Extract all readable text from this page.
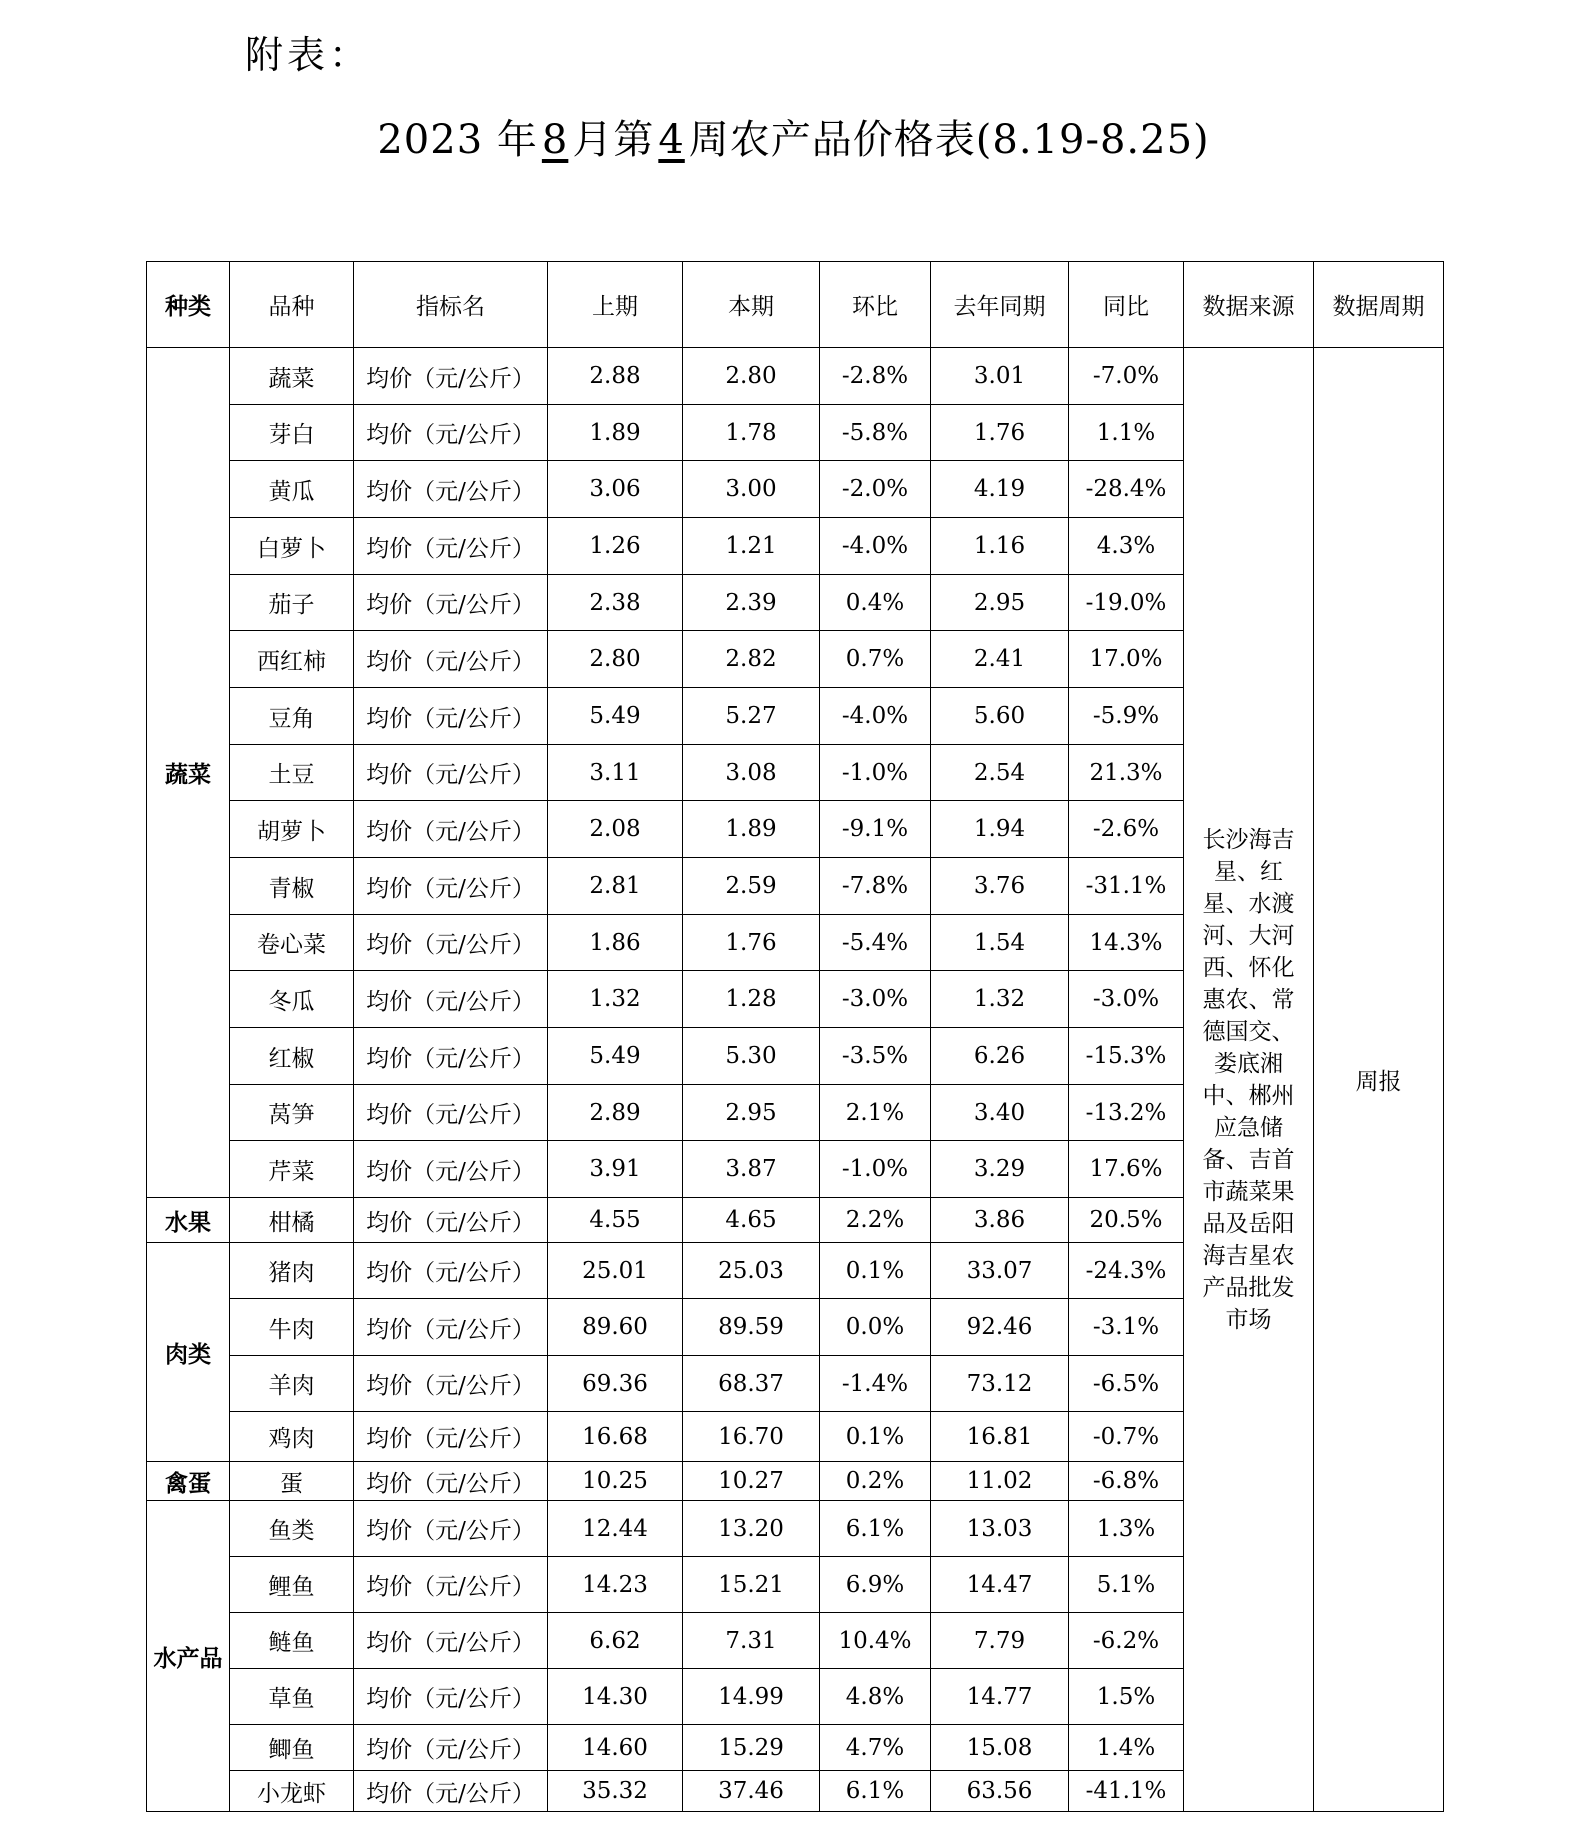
附表：
2023 年 8 月第 4 周农产品价格表(8.19-8.25)
种类	品种	指标名	上期	本期	环比	去年同期	同比	数据来源	数据周期
蔬菜	蔬菜	均价（元/公斤）	2.88	2.80	-2.8%	3.01	-7.0%	长沙海吉星、红星、水渡河、大河西、怀化惠农、常德国交、娄底湘中、郴州应急储备、吉首市蔬菜果品及岳阳海吉星农产品批发市场	周报
	芽白	均价（元/公斤）	1.89	1.78	-5.8%	1.76	1.1%		
	黄瓜	均价（元/公斤）	3.06	3.00	-2.0%	4.19	-28.4%		
	白萝卜	均价（元/公斤）	1.26	1.21	-4.0%	1.16	4.3%		
	茄子	均价（元/公斤）	2.38	2.39	0.4%	2.95	-19.0%		
	西红柿	均价（元/公斤）	2.80	2.82	0.7%	2.41	17.0%		
	豆角	均价（元/公斤）	5.49	5.27	-4.0%	5.60	-5.9%		
	土豆	均价（元/公斤）	3.11	3.08	-1.0%	2.54	21.3%		
	胡萝卜	均价（元/公斤）	2.08	1.89	-9.1%	1.94	-2.6%		
	青椒	均价（元/公斤）	2.81	2.59	-7.8%	3.76	-31.1%		
	卷心菜	均价（元/公斤）	1.86	1.76	-5.4%	1.54	14.3%		
	冬瓜	均价（元/公斤）	1.32	1.28	-3.0%	1.32	-3.0%		
	红椒	均价（元/公斤）	5.49	5.30	-3.5%	6.26	-15.3%		
	莴笋	均价（元/公斤）	2.89	2.95	2.1%	3.40	-13.2%		
	芹菜	均价（元/公斤）	3.91	3.87	-1.0%	3.29	17.6%		
水果	柑橘	均价（元/公斤）	4.55	4.65	2.2%	3.86	20.5%		
肉类	猪肉	均价（元/公斤）	25.01	25.03	0.1%	33.07	-24.3%		
	牛肉	均价（元/公斤）	89.60	89.59	0.0%	92.46	-3.1%		
	羊肉	均价（元/公斤）	69.36	68.37	-1.4%	73.12	-6.5%		
	鸡肉	均价（元/公斤）	16.68	16.70	0.1%	16.81	-0.7%		
禽蛋	蛋	均价（元/公斤）	10.25	10.27	0.2%	11.02	-6.8%		
水产品	鱼类	均价（元/公斤）	12.44	13.20	6.1%	13.03	1.3%		
	鲤鱼	均价（元/公斤）	14.23	15.21	6.9%	14.47	5.1%		
	鲢鱼	均价（元/公斤）	6.62	7.31	10.4%	7.79	-6.2%		
	草鱼	均价（元/公斤）	14.30	14.99	4.8%	14.77	1.5%		
	鲫鱼	均价（元/公斤）	14.60	15.29	4.7%	15.08	1.4%		
	小龙虾	均价（元/公斤）	35.32	37.46	6.1%	63.56	-41.1%		
